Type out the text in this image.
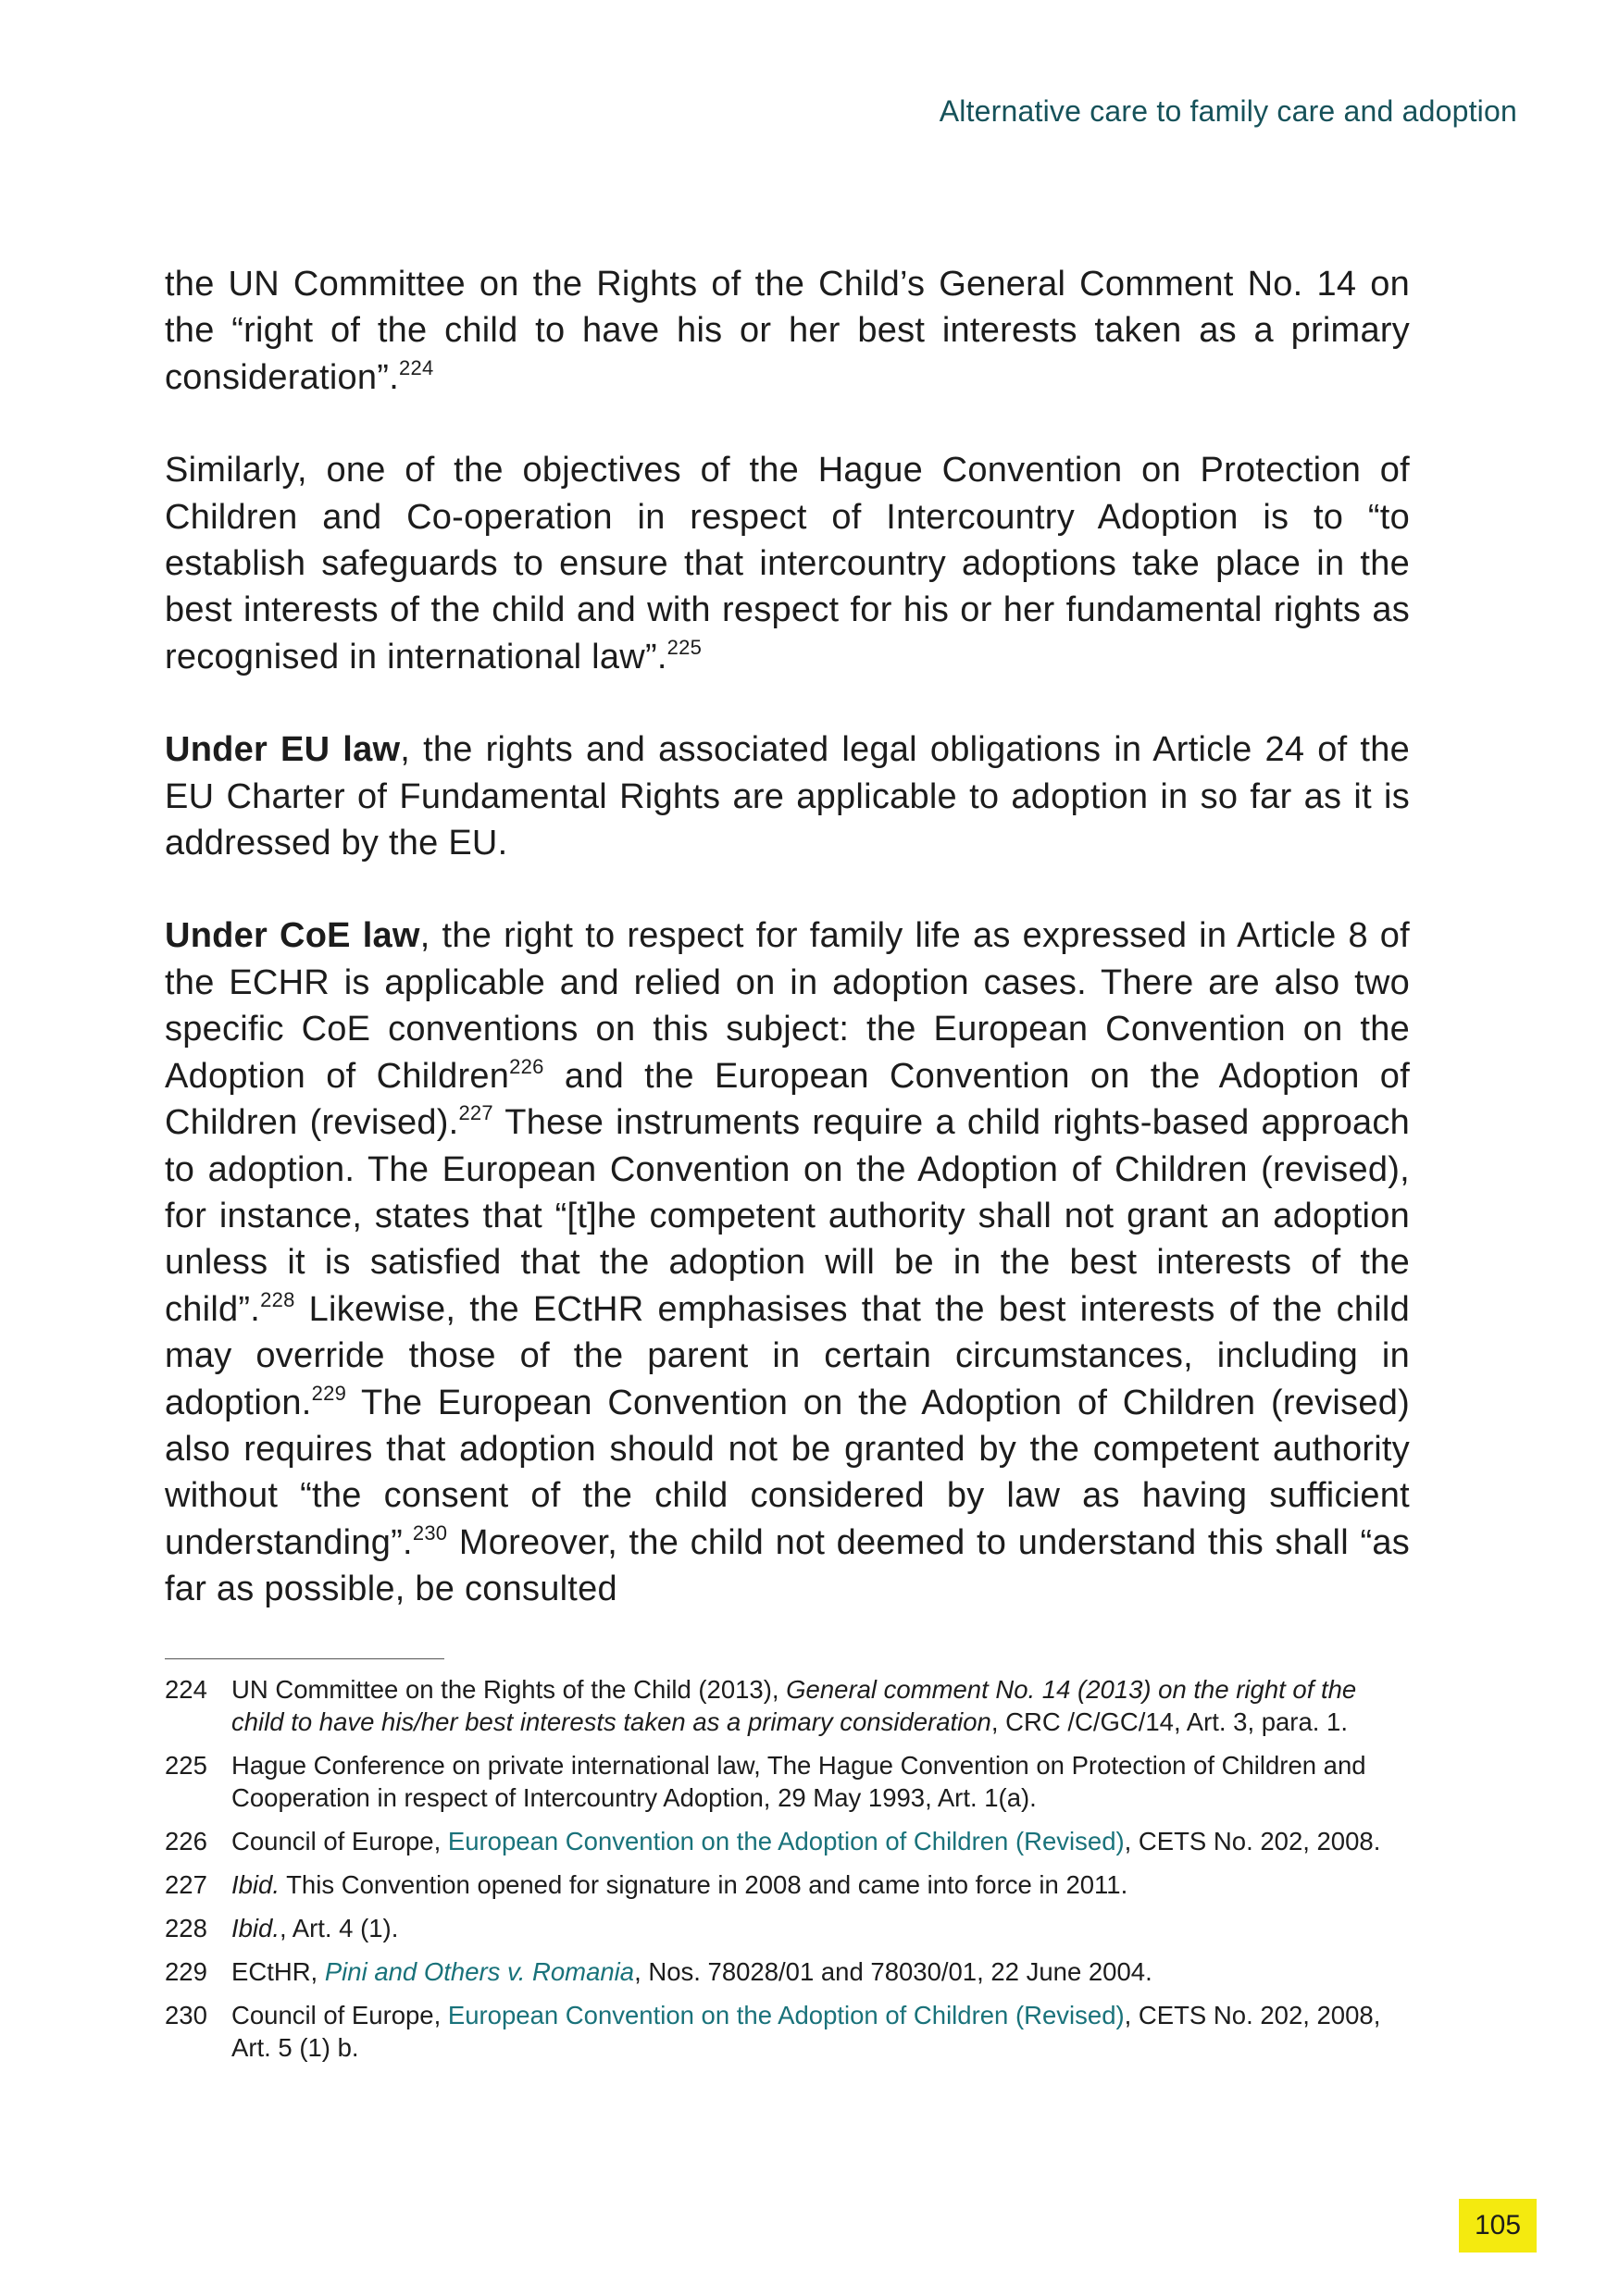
Alternative care to family care and adoption

the UN Committee on the Rights of the Child’s General Comment No. 14 on the “right of the child to have his or her best interests taken as a primary consideration”.$^{224}$

Similarly, one of the objectives of the Hague Convention on Protection of Children and Co-operation in respect of Intercountry Adoption is to “to establish safeguards to ensure that intercountry adoptions take place in the best interests of the child and with respect for his or her fundamental rights as recognised in international law”.$^{225}$

Under EU law, the rights and associated legal obligations in Article 24 of the EU Charter of Fundamental Rights are applicable to adoption in so far as it is addressed by the EU.

Under CoE law, the right to respect for family life as expressed in Article 8 of the ECHR is applicable and relied on in adoption cases. There are also two specific CoE conventions on this subject: the European Convention on the Adoption of Children$^{226}$ and the European Convention on the Adoption of Children (revised).$^{227}$ These instruments require a child rights-based approach to adoption. The European Convention on the Adoption of Children (revised), for instance, states that “[t]he competent authority shall not grant an adoption unless it is satisfied that the adoption will be in the best interests of the child”.$^{228}$ Likewise, the ECtHR emphasises that the best interests of the child may override those of the parent in certain circumstances, including in adoption.$^{229}$ The European Convention on the Adoption of Children (revised) also requires that adoption should not be granted by the competent authority without “the consent of the child considered by law as having sufficient understanding”.$^{230}$ Moreover, the child not deemed to understand this shall “as far as possible, be consulted

224 UN Committee on the Rights of the Child (2013), General comment No. 14 (2013) on the right of the child to have his/her best interests taken as a primary consideration, CRC /C/GC/14, Art. 3, para. 1.
225 Hague Conference on private international law, The Hague Convention on Protection of Children and Cooperation in respect of Intercountry Adoption, 29 May 1993, Art. 1(a).
226 Council of Europe, European Convention on the Adoption of Children (Revised), CETS No. 202, 2008.
227 Ibid. This Convention opened for signature in 2008 and came into force in 2011.
228 Ibid., Art. 4 (1).
229 ECtHR, Pini and Others v. Romania, Nos. 78028/01 and 78030/01, 22 June 2004.
230 Council of Europe, European Convention on the Adoption of Children (Revised), CETS No. 202, 2008, Art. 5 (1) b.
105
